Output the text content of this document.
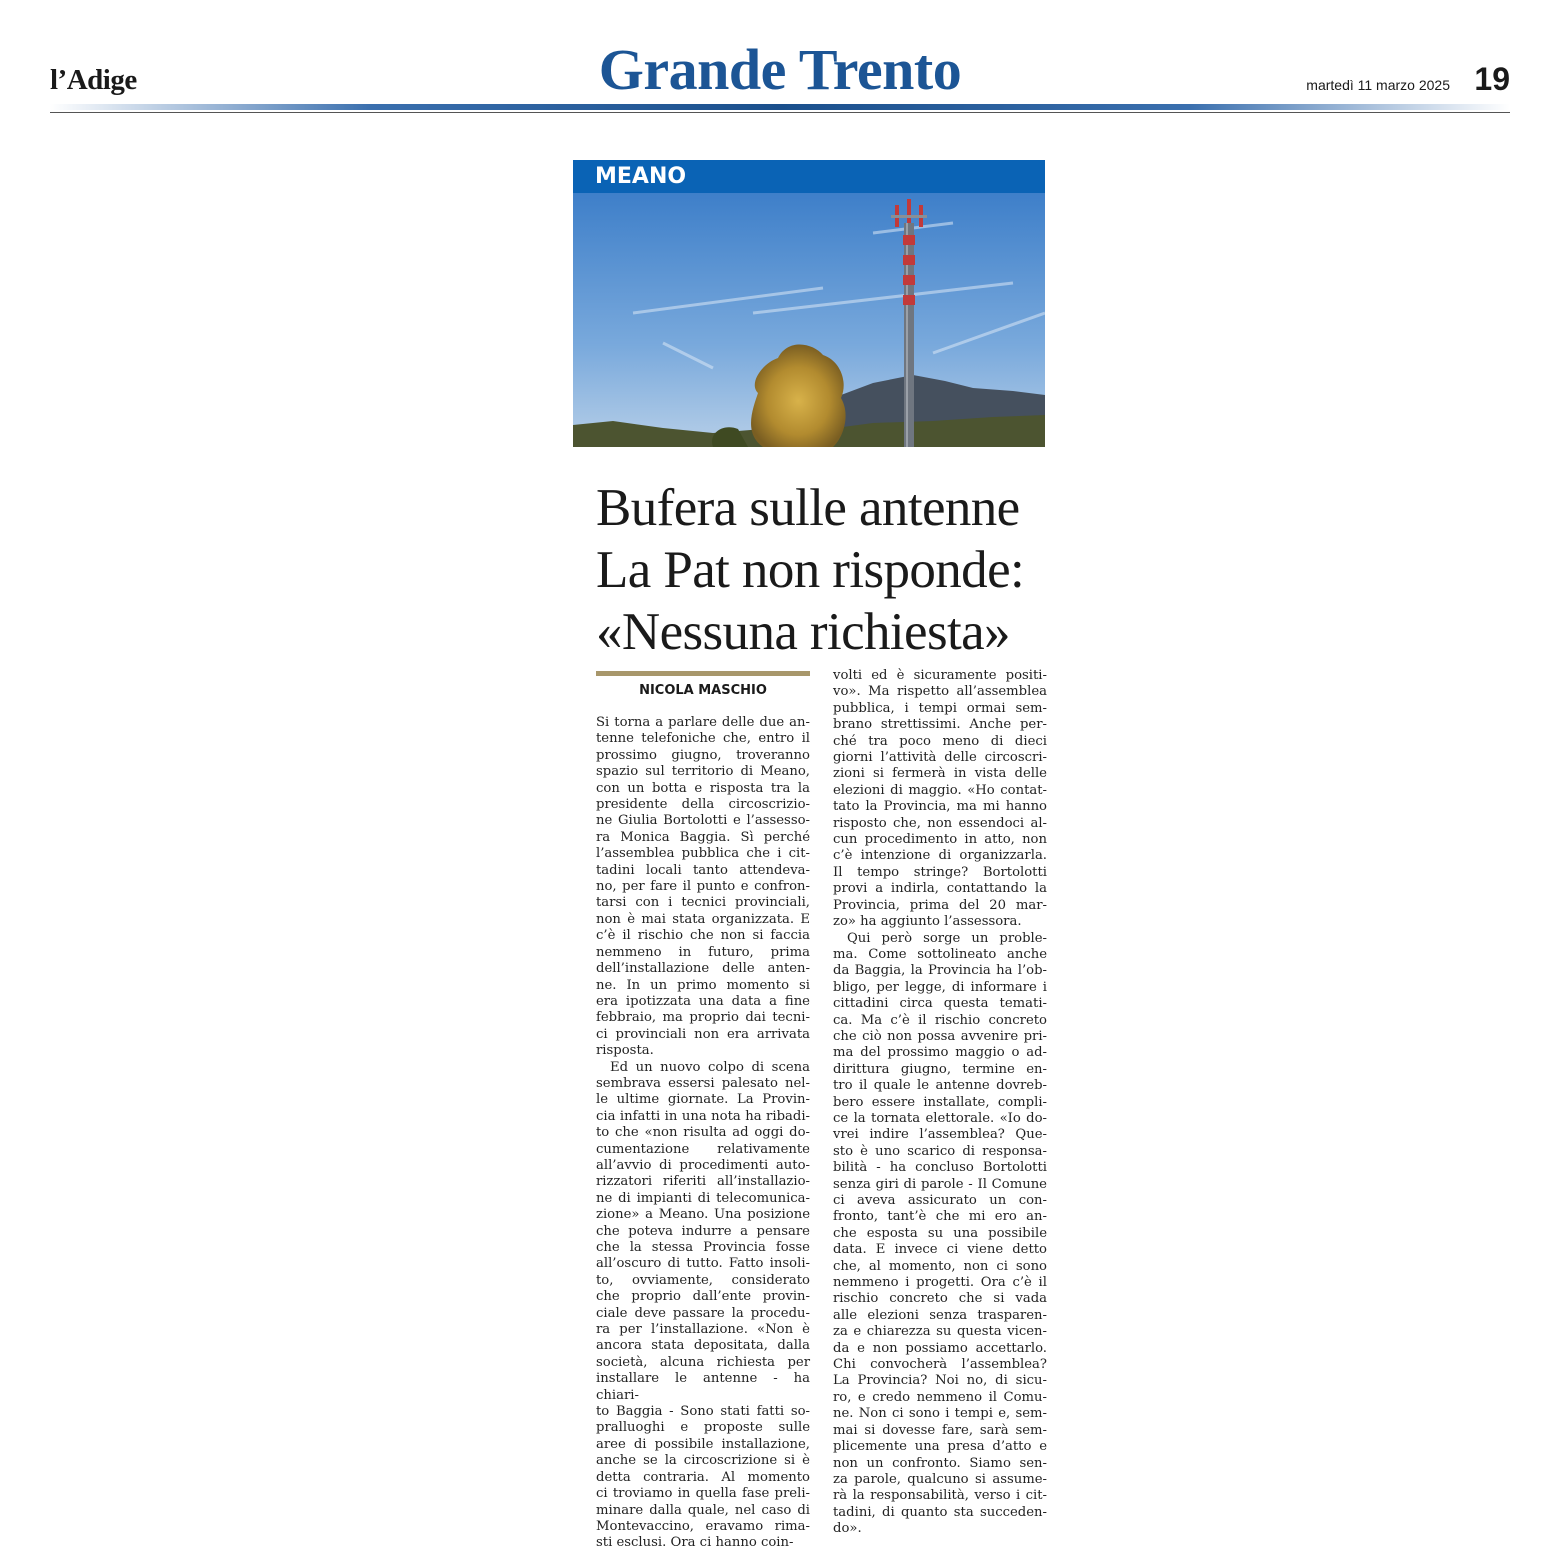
l’Adige	Grande Trento	martedì 11 marzo 2025 19
MEANO
Bufera sulle antenne
La Pat non risponde:
«Nessuna richiesta»
NICOLA MASCHIO
Si torna a parlare delle due an-
tenne telefoniche che, entro il
prossimo giugno, troveranno
spazio sul territorio di Meano,
con un botta e risposta tra la
presidente della circoscrizio-
ne Giulia Bortolotti e l’assesso-
ra Monica Baggia. Sì perché
l’assemblea pubblica che i cit-
tadini locali tanto attendeva-
no, per fare il punto e confron-
tarsi con i tecnici provinciali,
non è mai stata organizzata. E
c’è il rischio che non si faccia
nemmeno in futuro, prima
dell’installazione delle anten-
ne. In un primo momento si
era ipotizzata una data a fine
febbraio, ma proprio dai tecni-
ci provinciali non era arrivata
risposta.
Ed un nuovo colpo di scena
sembrava essersi palesato nel-
le ultime giornate. La Provin-
cia infatti in una nota ha ribadi-
to che «non risulta ad oggi do-
cumentazione relativamente
all’avvio di procedimenti auto-
rizzatori riferiti all’installazio-
ne di impianti di telecomunica-
zione» a Meano. Una posizione
che poteva indurre a pensare
che la stessa Provincia fosse
all’oscuro di tutto. Fatto insoli-
to, ovviamente, considerato
che proprio dall’ente provin-
ciale deve passare la procedu-
ra per l’installazione. «Non è
ancora stata depositata, dalla
società, alcuna richiesta per
installare le antenne - ha chiari-
to Baggia - Sono stati fatti so-
pralluoghi e proposte sulle
aree di possibile installazione,
anche se la circoscrizione si è
detta contraria. Al momento
ci troviamo in quella fase preli-
minare dalla quale, nel caso di
Montevaccino, eravamo rima-
sti esclusi. Ora ci hanno coin-
volti ed è sicuramente positi-
vo». Ma rispetto all’assemblea
pubblica, i tempi ormai sem-
brano strettissimi. Anche per-
ché tra poco meno di dieci
giorni l’attività delle circoscri-
zioni si fermerà in vista delle
elezioni di maggio. «Ho contat-
tato la Provincia, ma mi hanno
risposto che, non essendoci al-
cun procedimento in atto, non
c’è intenzione di organizzarla.
Il tempo stringe? Bortolotti
provi a indirla, contattando la
Provincia, prima del 20 mar-
zo» ha aggiunto l’assessora.
Qui però sorge un proble-
ma. Come sottolineato anche
da Baggia, la Provincia ha l’ob-
bligo, per legge, di informare i
cittadini circa questa temati-
ca. Ma c’è il rischio concreto
che ciò non possa avvenire pri-
ma del prossimo maggio o ad-
dirittura giugno, termine en-
tro il quale le antenne dovreb-
bero essere installate, compli-
ce la tornata elettorale. «Io do-
vrei indire l’assemblea? Que-
sto è uno scarico di responsa-
bilità - ha concluso Bortolotti
senza giri di parole - Il Comune
ci aveva assicurato un con-
fronto, tant’è che mi ero an-
che esposta su una possibile
data. E invece ci viene detto
che, al momento, non ci sono
nemmeno i progetti. Ora c’è il
rischio concreto che si vada
alle elezioni senza trasparen-
za e chiarezza su questa vicen-
da e non possiamo accettarlo.
Chi convocherà l’assemblea?
La Provincia? Noi no, di sicu-
ro, e credo nemmeno il Comu-
ne. Non ci sono i tempi e, sem-
mai si dovesse fare, sarà sem-
plicemente una presa d’atto e
non un confronto. Siamo sen-
za parole, qualcuno si assume-
rà la responsabilità, verso i cit-
tadini, di quanto sta succeden-
do».
